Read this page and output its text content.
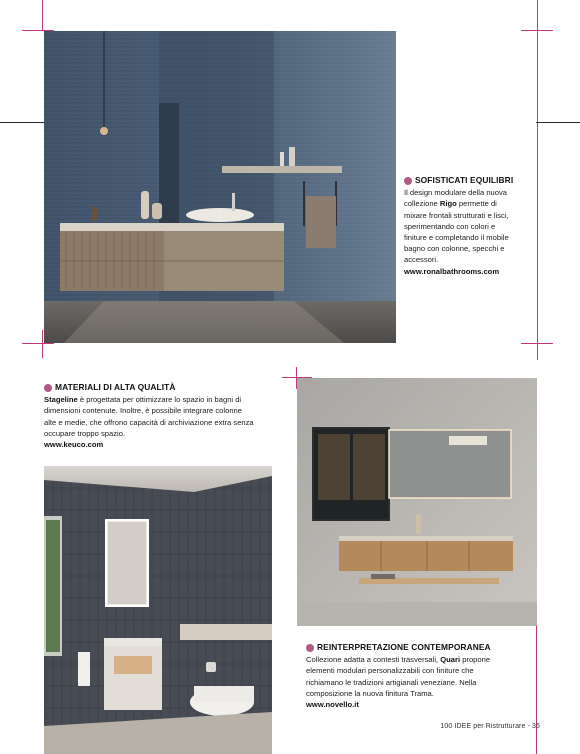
SOFISTICATI EQUILIBRI

Il design modulare della nuova

collezione Rigo permette di

mixare frontali strutturati e lisci,

sperimentando con colori e

finiture e completando il mobile

bagno con colonne, specchi e

accessori.

www.ronalbathrooms.com

MATERIALI DI ALTA QUALITÀ

Stageline è progettata per ottimizzare lo spazio in bagni di

dimensioni contenute. Inoltre, è possibile integrare colonne

alte e medie, che offrono capacità di archiviazione extra senza

occupare troppo spazio.

www.keuco.com

REINTERPRETAZIONE CONTEMPORANEA

Collezione adatta a contesti trasversali, Quari propone

elementi modulari personalizzabili con finiture che

richiamano le tradizioni artigianali veneziane. Nella

composizione la nuova finitura Trama.

www.novello.it

100 IDEE per Ristrutturare - 35
